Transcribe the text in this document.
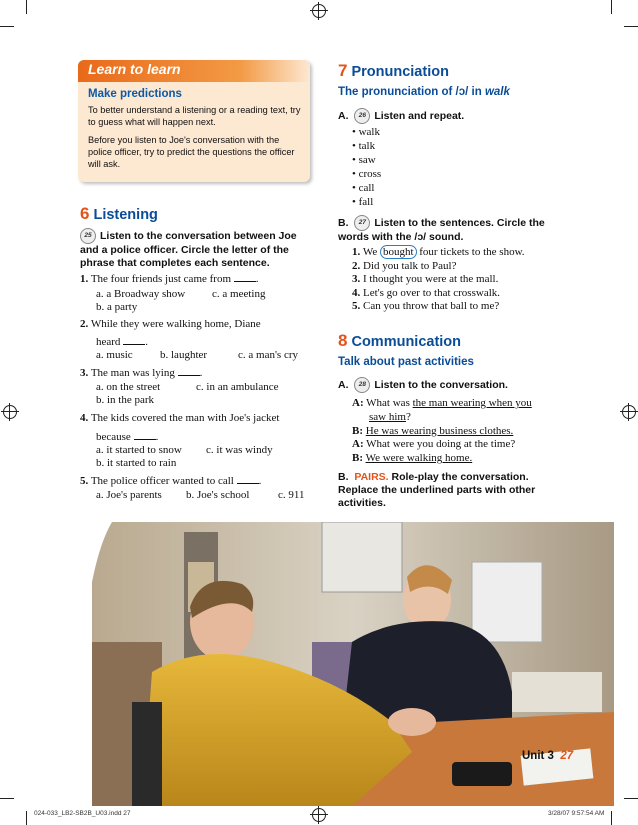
Learn to learn
Make predictions
To better understand a listening or a reading text, try to guess what will happen next.
Before you listen to Joe's conversation with the police officer, try to predict the questions the officer will ask.
6 Listening
25 Listen to the conversation between Joe and a police officer. Circle the letter of the phrase that completes each sentence.
1. The four friends just came from .
a. a Broadway show c. a meeting
b. a party
2. While they were walking home, Diane
heard .
a. music b. laughter	c. a man's cry
3. The man was lying .
a. on the street	c. in an ambulance
b. in the park
4. The kids covered the man with Joe's jacket
because .
a. it started to snow c. it was windy
b. it started to rain
5. The police officer wanted to call .
a. Joe's parents b. Joe's school	c. 911
7 Pronunciation
The pronunciation of /ɔ/ in walk
A. 26 Listen and repeat.
• walk
• talk
• saw
• cross
• call
• fall
B. 27 Listen to the sentences. Circle the words with the /ɔ/ sound.
1. We bought four tickets to the show.
2. Did you talk to Paul?
3. I thought you were at the mall.
4. Let's go over to that crosswalk.
5. Can you throw that ball to me?
8 Communication
Talk about past activities
A. 28 Listen to the conversation.
A: What was the man wearing when you
saw him?
B: He was wearing business clothes.
A: What were you doing at the time?
B: We were walking home.
B. PAIRS. Role-play the conversation. Replace the underlined parts with other activities.
Unit 3 27
024-033_LB2-SB2B_U03.indd 27	3/28/07 9:57:54 AM
